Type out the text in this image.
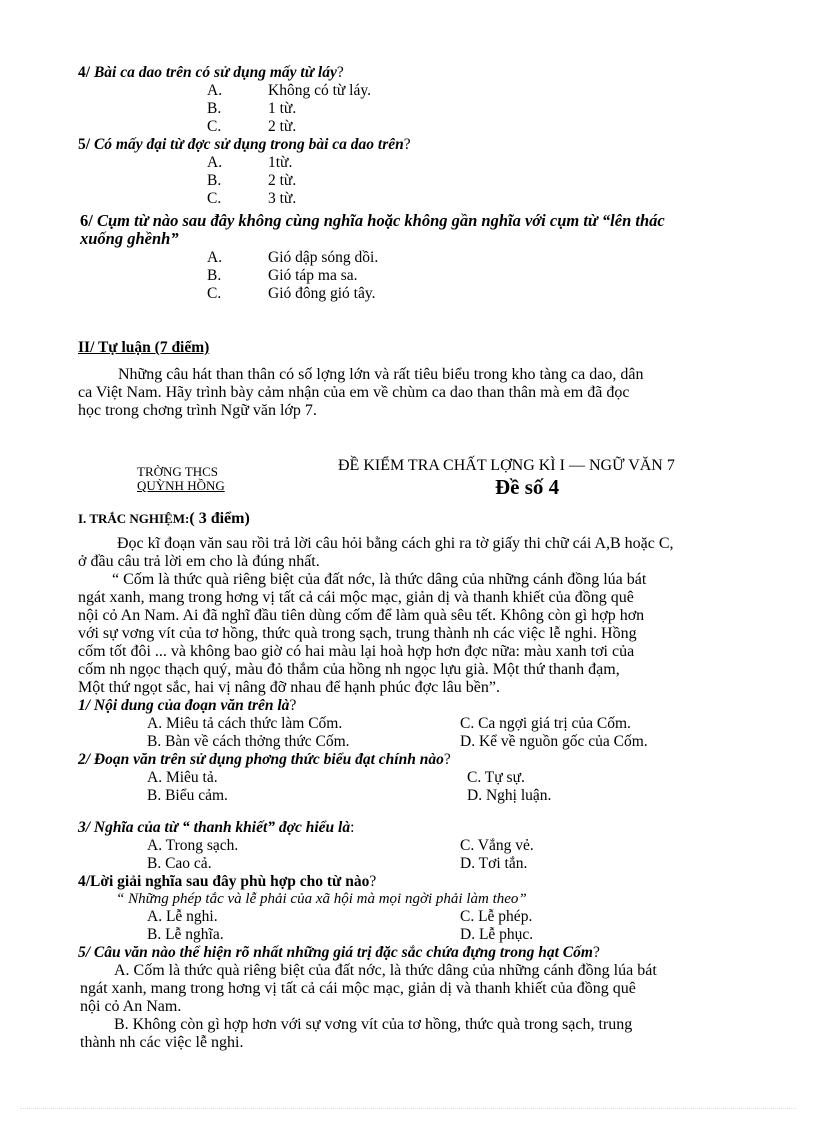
4/ Bài ca dao trên có sử dụng mấy từ láy?
A.	Không có từ láy.
B.	1 từ.
C.	2 từ.
5/ Có mấy đại từ đợc sử dụng trong bài ca dao trên?
A.	1từ.
B.	2 từ.
C.	3 từ.
6/ Cụm từ nào sau đây không cùng nghĩa hoặc không gần nghĩa với cụm từ “lên thác
xuống ghềnh”
A.	Gió dập sóng dồi.
B.	Gió táp ma sa.
C.	Gió đông gió tây.
II/ Tự luận (7 điểm)
Những câu hát than thân có số lợng lớn và rất tiêu biểu trong kho tàng ca dao, dân
ca Việt Nam. Hãy trình bày cảm nhận của em về chùm ca dao than thân mà em đã đọc
học trong chơng trình Ngữ văn lớp 7.
TRỜNG THCS
QUỲNH HỒNG
ĐỀ KIỂM TRA CHẤT LỢNG KÌ I — NGỮ VĂN 7
Đề số 4
I. TRẮC NGHIỆM:( 3 điểm)
Đọc kĩ đoạn văn sau rồi trả lời câu hỏi bằng cách ghi ra tờ giấy thi chữ cái A,B hoặc C,
ở đầu câu trả lời em cho là đúng nhất.
“ Cốm là thức quà riêng biệt của đất nớc, là thức dâng của những cánh đồng lúa bát
ngát xanh, mang trong hơng vị tất cả cái mộc mạc, giản dị và thanh khiết của đồng quê
nội cỏ An Nam. Ai đã nghĩ đầu tiên dùng cốm để làm quà sêu tết. Không còn gì hợp hơn
với sự vơng vít của tơ hồng, thức quà trong sạch, trung thành nh các việc lễ nghi. Hồng
cốm tốt đôi ... và không bao giờ có hai màu lại hoà hợp hơn đợc nữa: màu xanh tơi của
cốm nh ngọc thạch quý, màu đỏ thắm của hồng nh ngọc lựu già. Một thứ thanh đạm,
Một thứ ngọt sắc, hai vị nâng đỡ nhau để hạnh phúc đợc lâu bền”.
1/ Nội dung của đoạn văn trên là?
A. Miêu tả cách thức làm Cốm.	C. Ca ngợi giá trị của Cốm.
B. Bàn về cách thởng thức Cốm.	D. Kể về nguồn gốc của Cốm.
2/ Đoạn văn trên sử dụng phơng thức biểu đạt chính nào?
A. Miêu tả.	C. Tự sự.
B. Biểu cảm.	D. Nghị luận.
3/ Nghĩa của từ “ thanh khiết” đợc hiểu là:
A. Trong sạch.	C. Vắng vẻ.
B. Cao cả.	D. Tơi tắn.
4/Lời giải nghĩa sau đây phù hợp cho từ nào?
“ Những phép tắc và lễ phải của xã hội mà mọi ngời phải làm theo”
A. Lễ nghi.	C. Lễ phép.
B. Lễ nghĩa.	D. Lễ phục.
5/ Câu văn nào thể hiện rõ nhất những giá trị đặc sắc chứa đựng trong hạt Cốm?
A. Cốm là thức quà riêng biệt của đất nớc, là thức dâng của những cánh đồng lúa bát
ngát xanh, mang trong hơng vị tất cả cái mộc mạc, giản dị và thanh khiết của đồng quê
nội cỏ An Nam.
B. Không còn gì hợp hơn với sự vơng vít của tơ hồng, thức quà trong sạch, trung
thành nh các việc lễ nghi.
